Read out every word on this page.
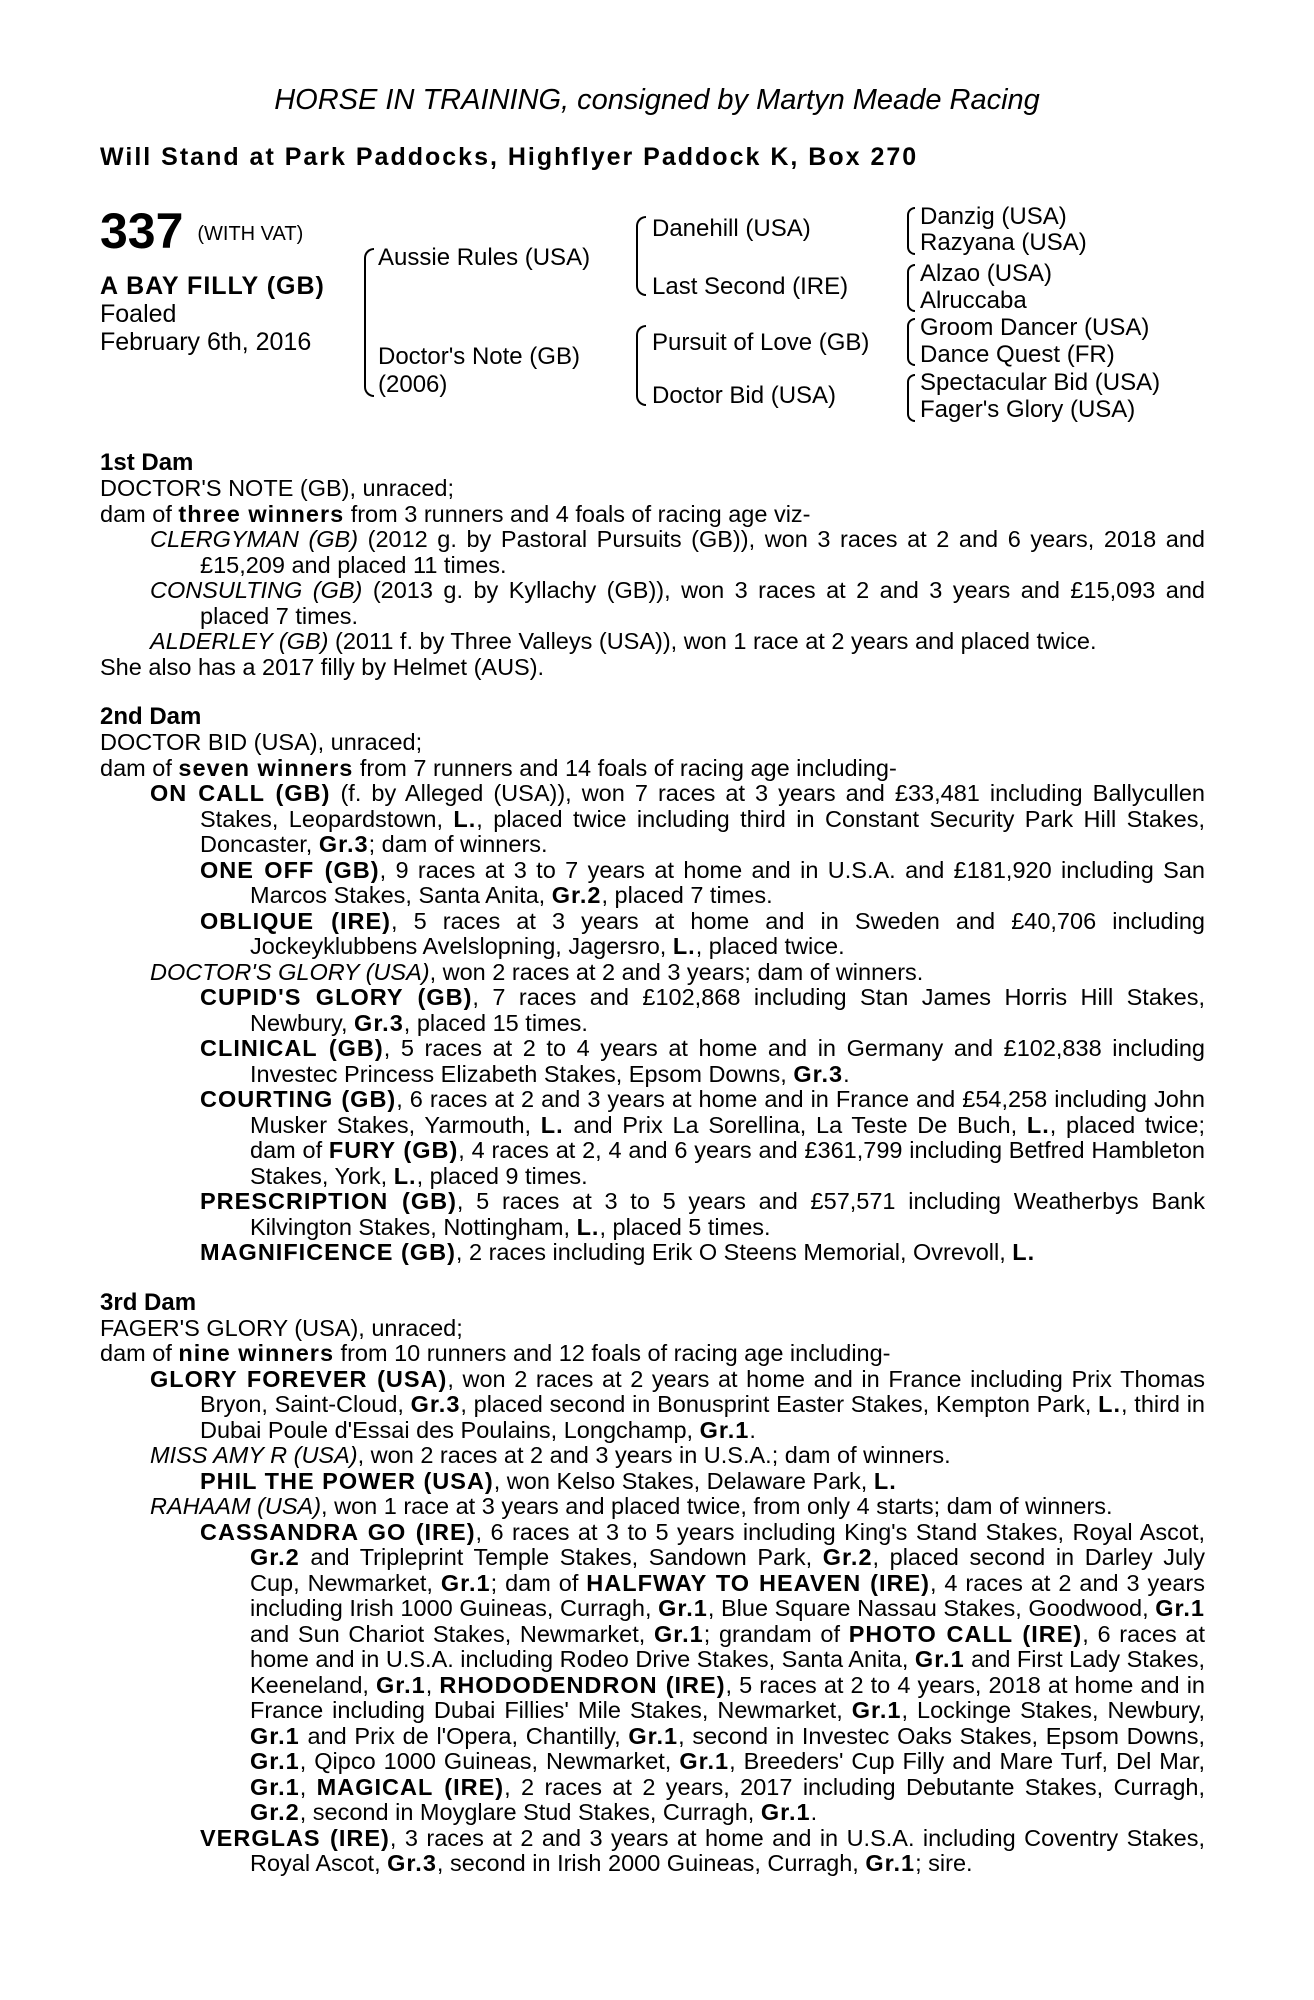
HORSE IN TRAINING, consigned by Martyn Meade Racing
Will Stand at Park Paddocks, Highflyer Paddock K, Box 270
337 (WITH VAT)
A BAY FILLY (GB)
Foaled
February 6th, 2016
Aussie Rules (USA)
Doctor's Note (GB)
(2006)
Danehill (USA)
Last Second (IRE)
Pursuit of Love (GB)
Doctor Bid (USA)
Danzig (USA)
Razyana (USA)
Alzao (USA)
Alruccaba
Groom Dancer (USA)
Dance Quest (FR)
Spectacular Bid (USA)
Fager's Glory (USA)
1st Dam
DOCTOR'S NOTE (GB), unraced;
dam of three winners from 3 runners and 4 foals of racing age viz-
CLERGYMAN (GB) (2012 g. by Pastoral Pursuits (GB)), won 3 races at 2 and 6 years, 2018 and £15,209 and placed 11 times.
CONSULTING (GB) (2013 g. by Kyllachy (GB)), won 3 races at 2 and 3 years and £15,093 and placed 7 times.
ALDERLEY (GB) (2011 f. by Three Valleys (USA)), won 1 race at 2 years and placed twice.
She also has a 2017 filly by Helmet (AUS).
2nd Dam
DOCTOR BID (USA), unraced;
dam of seven winners from 7 runners and 14 foals of racing age including-
ON CALL (GB) (f. by Alleged (USA)), won 7 races at 3 years and £33,481 including Ballycullen Stakes, Leopardstown, L., placed twice including third in Constant Security Park Hill Stakes, Doncaster, Gr.3; dam of winners.
ONE OFF (GB), 9 races at 3 to 7 years at home and in U.S.A. and £181,920 including San Marcos Stakes, Santa Anita, Gr.2, placed 7 times.
OBLIQUE (IRE), 5 races at 3 years at home and in Sweden and £40,706 including Jockeyklubbens Avelslopning, Jagersro, L., placed twice.
DOCTOR'S GLORY (USA), won 2 races at 2 and 3 years; dam of winners.
CUPID'S GLORY (GB), 7 races and £102,868 including Stan James Horris Hill Stakes, Newbury, Gr.3, placed 15 times.
CLINICAL (GB), 5 races at 2 to 4 years at home and in Germany and £102,838 including Investec Princess Elizabeth Stakes, Epsom Downs, Gr.3.
COURTING (GB), 6 races at 2 and 3 years at home and in France and £54,258 including John Musker Stakes, Yarmouth, L. and Prix La Sorellina, La Teste De Buch, L., placed twice; dam of FURY (GB), 4 races at 2, 4 and 6 years and £361,799 including Betfred Hambleton Stakes, York, L., placed 9 times.
PRESCRIPTION (GB), 5 races at 3 to 5 years and £57,571 including Weatherbys Bank Kilvington Stakes, Nottingham, L., placed 5 times.
MAGNIFICENCE (GB), 2 races including Erik O Steens Memorial, Ovrevoll, L.
3rd Dam
FAGER'S GLORY (USA), unraced;
dam of nine winners from 10 runners and 12 foals of racing age including-
GLORY FOREVER (USA), won 2 races at 2 years at home and in France including Prix Thomas Bryon, Saint-Cloud, Gr.3, placed second in Bonusprint Easter Stakes, Kempton Park, L., third in Dubai Poule d'Essai des Poulains, Longchamp, Gr.1.
MISS AMY R (USA), won 2 races at 2 and 3 years in U.S.A.; dam of winners.
PHIL THE POWER (USA), won Kelso Stakes, Delaware Park, L.
RAHAAM (USA), won 1 race at 3 years and placed twice, from only 4 starts; dam of winners.
CASSANDRA GO (IRE), 6 races at 3 to 5 years including King's Stand Stakes, Royal Ascot, Gr.2 and Tripleprint Temple Stakes, Sandown Park, Gr.2, placed second in Darley July Cup, Newmarket, Gr.1; dam of HALFWAY TO HEAVEN (IRE), 4 races at 2 and 3 years including Irish 1000 Guineas, Curragh, Gr.1, Blue Square Nassau Stakes, Goodwood, Gr.1 and Sun Chariot Stakes, Newmarket, Gr.1; grandam of PHOTO CALL (IRE), 6 races at home and in U.S.A. including Rodeo Drive Stakes, Santa Anita, Gr.1 and First Lady Stakes, Keeneland, Gr.1, RHODODENDRON (IRE), 5 races at 2 to 4 years, 2018 at home and in France including Dubai Fillies' Mile Stakes, Newmarket, Gr.1, Lockinge Stakes, Newbury, Gr.1 and Prix de l'Opera, Chantilly, Gr.1, second in Investec Oaks Stakes, Epsom Downs, Gr.1, Qipco 1000 Guineas, Newmarket, Gr.1, Breeders' Cup Filly and Mare Turf, Del Mar, Gr.1, MAGICAL (IRE), 2 races at 2 years, 2017 including Debutante Stakes, Curragh, Gr.2, second in Moyglare Stud Stakes, Curragh, Gr.1.
VERGLAS (IRE), 3 races at 2 and 3 years at home and in U.S.A. including Coventry Stakes, Royal Ascot, Gr.3, second in Irish 2000 Guineas, Curragh, Gr.1; sire.
